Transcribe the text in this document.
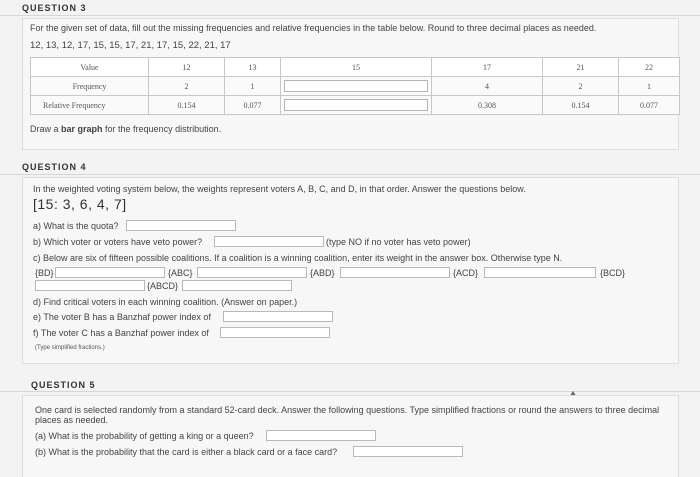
QUESTION 3
For the given set of data, fill out the missing frequencies and relative frequencies in the table below. Round to three decimal places as needed.
12, 13, 12, 17, 15, 15, 17, 21, 17, 15, 22, 21, 17
Value	12	13	15	17	21	22
Frequency	2	1		4	2	1
Relative Frequency	0.154	0.077		0.308	0.154	0.077
Draw a bar graph for the frequency distribution.
QUESTION 4
In the weighted voting system below, the weights represent voters A, B, C, and D, in that order. Answer the questions below.
[15: 3, 6, 4, 7]
a) What is the quota?
b) Which voter or voters have veto power?	(type NO if no voter has veto power)
c) Below are six of fifteen possible coalitions. If a coalition is a winning coalition, enter its weight in the answer box. Otherwise type N.
{BD}	{ABC}	{ABD}	{ACD}	{BCD}
{ABCD}
d) Find critical voters in each winning coalition. (Answer on paper.)
e) The voter B has a Banzhaf power index of
f) The voter C has a Banzhaf power index of
(Type simplified fractions.)
QUESTION 5
One card is selected randomly from a standard 52-card deck. Answer the following questions. Type simplified fractions or round the answers to three decimal places as needed.
(a) What is the probability of getting a king or a queen?
(b) What is the probability that the card is either a black card or a face card?
